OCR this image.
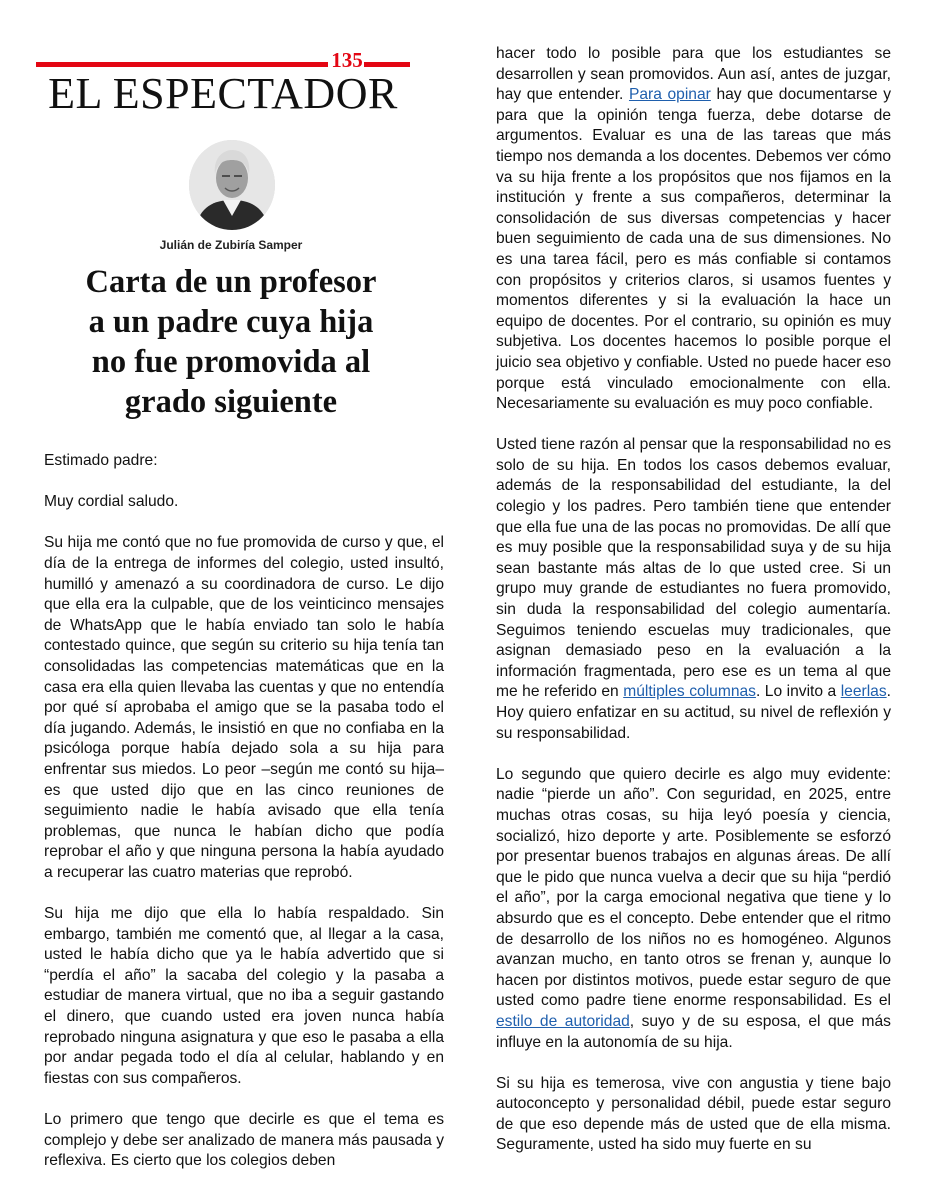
135
EL ESPECTADOR
Julián de Zubiría Samper
Carta de un profesor
a un padre cuya hija
no fue promovida al
grado siguiente

Estimado padre:

Muy cordial saludo.

Su hija me contó que no fue promovida de curso y que, el día de la entrega de informes del colegio, usted insultó, humilló y amenazó a su coordinadora de curso. Le dijo que ella era la culpable, que de los veinticinco mensajes de WhatsApp que le había enviado tan solo le había contestado quince, que según su criterio su hija tenía tan consolidadas las competencias matemáticas que en la casa era ella quien llevaba las cuentas y que no entendía por qué sí aprobaba el amigo que se la pasaba todo el día jugando. Además, le insistió en que no confiaba en la psicóloga porque había dejado sola a su hija para enfrentar sus miedos. Lo peor –según me contó su hija– es que usted dijo que en las cinco reuniones de seguimiento nadie le había avisado que ella tenía problemas, que nunca le habían dicho que podía reprobar el año y que ninguna persona la había ayudado a recuperar las cuatro materias que reprobó.

Su hija me dijo que ella lo había respaldado. Sin embargo, también me comentó que, al llegar a la casa, usted le había dicho que ya le había advertido que si “perdía el año” la sacaba del colegio y la pasaba a estudiar de manera virtual, que no iba a seguir gastando el dinero, que cuando usted era joven nunca había reprobado ninguna asignatura y que eso le pasaba a ella por andar pegada todo el día al celular, hablando y en fiestas con sus compañeros.

Lo primero que tengo que decirle es que el tema es complejo y debe ser analizado de manera más pausada y reflexiva. Es cierto que los colegios deben

hacer todo lo posible para que los estudiantes se desarrollen y sean promovidos. Aun así, antes de juzgar, hay que entender. Para opinar hay que documentarse y para que la opinión tenga fuerza, debe dotarse de argumentos. Evaluar es una de las tareas que más tiempo nos demanda a los docentes. Debemos ver cómo va su hija frente a los propósitos que nos fijamos en la institución y frente a sus compañeros, determinar la consolidación de sus diversas competencias y hacer buen seguimiento de cada una de sus dimensiones. No es una tarea fácil, pero es más confiable si contamos con propósitos y criterios claros, si usamos fuentes y momentos diferentes y si la evaluación la hace un equipo de docentes. Por el contrario, su opinión es muy subjetiva. Los docentes hacemos lo posible porque el juicio sea objetivo y confiable. Usted no puede hacer eso porque está vinculado emocionalmente con ella. Necesariamente su evaluación es muy poco confiable.

Usted tiene razón al pensar que la responsabilidad no es solo de su hija. En todos los casos debemos evaluar, además de la responsabilidad del estudiante, la del colegio y los padres. Pero también tiene que entender que ella fue una de las pocas no promovidas. De allí que es muy posible que la responsabilidad suya y de su hija sean bastante más altas de lo que usted cree. Si un grupo muy grande de estudiantes no fuera promovido, sin duda la responsabilidad del colegio aumentaría. Seguimos teniendo escuelas muy tradicionales, que asignan demasiado peso en la evaluación a la información fragmentada, pero ese es un tema al que me he referido en múltiples columnas. Lo invito a leerlas. Hoy quiero enfatizar en su actitud, su nivel de reflexión y su responsabilidad.

Lo segundo que quiero decirle es algo muy evidente: nadie “pierde un año”. Con seguridad, en 2025, entre muchas otras cosas, su hija leyó poesía y ciencia, socializó, hizo deporte y arte. Posiblemente se esforzó por presentar buenos trabajos en algunas áreas. De allí que le pido que nunca vuelva a decir que su hija “perdió el año”, por la carga emocional negativa que tiene y lo absurdo que es el concepto. Debe entender que el ritmo de desarrollo de los niños no es homogéneo. Algunos avanzan mucho, en tanto otros se frenan y, aunque lo hacen por distintos motivos, puede estar seguro de que usted como padre tiene enorme responsabilidad. Es el estilo de autoridad, suyo y de su esposa, el que más influye en la autonomía de su hija.

Si su hija es temerosa, vive con angustia y tiene bajo autoconcepto y personalidad débil, puede estar seguro de que eso depende más de usted que de ella misma. Seguramente, usted ha sido muy fuerte en su
